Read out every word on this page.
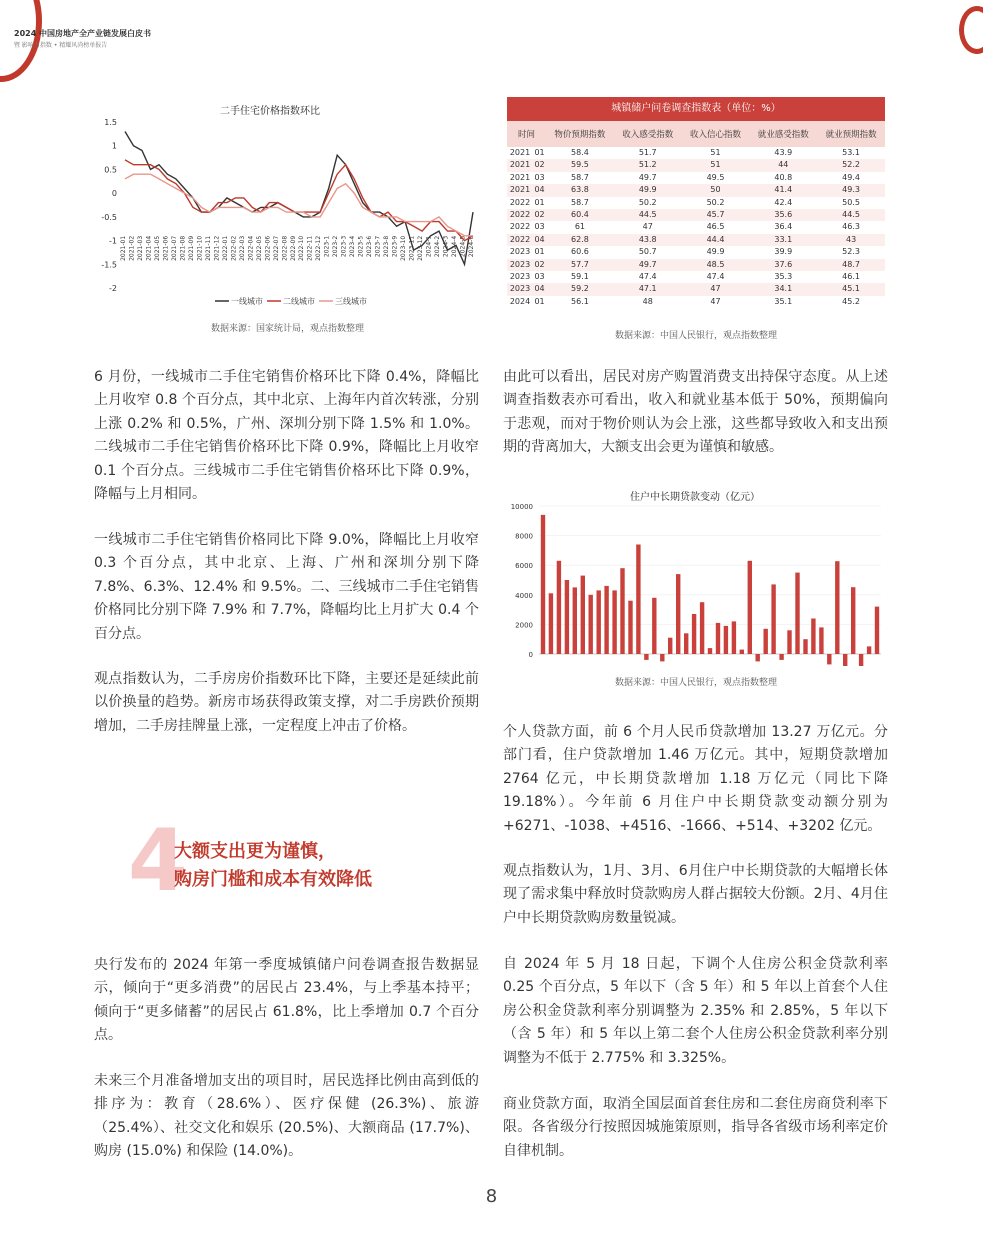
2024 中国房地产全产业链发展白皮书
暨 影响力指数 • 精耀风尚榜单报告
二手住宅价格指数环比
1.5
1
0.5
0
-0.5
-1
-1.5
-2
2021-01 2021-02 2021-03 2021-04 2021-05 2021-06 2021-07 2021-08 2021-09 2021-10 2021-11 2021-12 2022-01 2022-02 2022-03 2022-04 2022-05 2022-06 2022-07 2022-08 2022-09 2022-10 2022-11 2022-12 2023-1 2023-2 2023-3 2023-4 2023-5 2023-6 2023-7 2023-8 2023-9 2023-10 2023-11 2023-12 2024-1 2024-2 2024-3 2024-4 2024-5 2024-6
一线城市	二线城市	三线城市
数据来源：国家统计局，观点指数整理
城镇储户问卷调查指数表（单位：%）
时间		物价预期指数	收入感受指数	收入信心指数	就业感受指数	就业预期指数
2021	01	58.4	51.7	51	43.9	53.1
2021	02	59.5	51.2	51	44	52.2
2021	03	58.7	49.7	49.5	40.8	49.4
2021	04	63.8	49.9	50	41.4	49.3
2022	01	58.7	50.2	50.2	42.4	50.5
2022	02	60.4	44.5	45.7	35.6	44.5
2022	03	61	47	46.5	36.4	46.3
2022	04	62.8	43.8	44.4	33.1	43
2023	01	60.6	50.7	49.9	39.9	52.3
2023	02	57.7	49.7	48.5	37.6	48.7
2023	03	59.1	47.4	47.4	35.3	46.1
2023	04	59.2	47.1	47	34.1	45.1
2024	01	56.1	48	47	35.1	45.2
数据来源：中国人民银行，观点指数整理
住户中长期贷款变动（亿元）
10000
8000
6000
4000
2000
0
数据来源：中国人民银行，观点指数整理

6 月份，一线城市二手住宅销售价格环比下降 0.4%，降幅比上月收窄 0.8 个百分点，其中北京、上海年内首次转涨，分别上涨 0.2% 和 0.5%，广州、深圳分别下降 1.5% 和 1.0%。二线城市二手住宅销售价格环比下降 0.9%，降幅比上月收窄 0.1 个百分点。三线城市二手住宅销售价格环比下降 0.9%，降幅与上月相同。

一线城市二手住宅销售价格同比下降 9.0%，降幅比上月收窄 0.3 个百分点，其中北京、上海、广州和深圳分别下降 7.8%、6.3%、12.4% 和 9.5%。二、三线城市二手住宅销售价格同比分别下降 7.9% 和 7.7%，降幅均比上月扩大 0.4 个百分点。

观点指数认为，二手房房价指数环比下降，主要还是延续此前以价换量的趋势。新房市场获得政策支撑，对二手房跌价预期增加，二手房挂牌量上涨，一定程度上冲击了价格。

4
大额支出更为谨慎，
购房门槛和成本有效降低

央行发布的 2024 年第一季度城镇储户问卷调查报告数据显示，倾向于“更多消费”的居民占 23.4%，与上季基本持平；倾向于“更多储蓄”的居民占 61.8%，比上季增加 0.7 个百分点。

未来三个月准备增加支出的项目时，居民选择比例由高到低的排序为：教育（28.6%）、医疗保健 (26.3%)、旅游（25.4%）、社交文化和娱乐 (20.5%)、大额商品 (17.7%)、购房 (15.0%) 和保险 (14.0%)。

由此可以看出，居民对房产购置消费支出持保守态度。从上述调查指数表亦可看出，收入和就业基本低于 50%，预期偏向于悲观，而对于物价则认为会上涨，这些都导致收入和支出预期的背离加大，大额支出会更为谨慎和敏感。

个人贷款方面，前 6 个月人民币贷款增加 13.27 万亿元。分部门看，住户贷款增加 1.46 万亿元。其中，短期贷款增加 2764 亿元，中长期贷款增加 1.18 万亿元（同比下降 19.18%）。今年前 6 月住户中长期贷款变动额分别为 +6271、-1038、+4516、-1666、+514、+3202 亿元。

观点指数认为，1月、3月、6月住户中长期贷款的大幅增长体现了需求集中释放时贷款购房人群占据较大份额。2月、4月住户中长期贷款购房数量锐减。

自 2024 年 5 月 18 日起，下调个人住房公积金贷款利率 0.25 个百分点，5 年以下（含 5 年）和 5 年以上首套个人住房公积金贷款利率分别调整为 2.35% 和 2.85%，5 年以下（含 5 年）和 5 年以上第二套个人住房公积金贷款利率分别调整为不低于 2.775% 和 3.325%。

商业贷款方面，取消全国层面首套住房和二套住房商贷利率下限。各省级分行按照因城施策原则，指导各省级市场利率定价自律机制。

8
